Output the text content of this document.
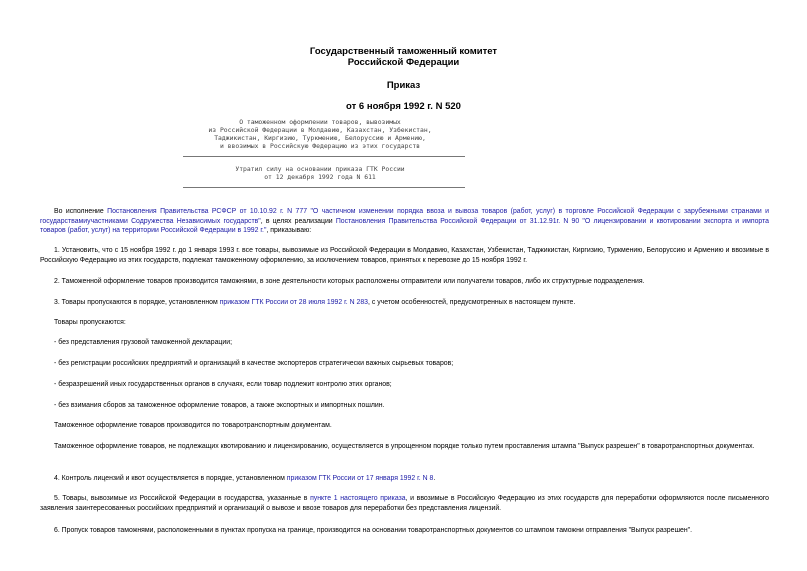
Государственный таможенный комитет
Российской Федерации
Приказ
от 6 ноября 1992 г. N 520
О таможенном оформлении товаров, вывозимых
из Российской Федерации в Молдавию, Казахстан, Узбекистан,
Таджикистан, Киргизию, Туркмению, Белоруссию и Армению,
и ввозимых в Российскую Федерацию из этих государств
Утратил силу на основании приказа ГТК России
от 12 декабря 1992 года N 611
Во исполнение Постановления Правительства РСФСР от 10.10.92 г. N 777 "О частичном изменении порядка ввоза и вывоза товаров (работ, услуг) в торговле Российской Федерации с зарубежными странами и государствамиучастниками Содружества Независимых государств", в целях реализации Постановления Правительства Российской Федерации от 31.12.91г. N 90 "О лицензировании и квотировании экспорта и импорта товаров (работ, услуг) на территории Российской Федерации в 1992 г.", приказываю:
1. Установить, что с 15 ноября 1992 г. до 1 января 1993 г. все товары, вывозимые из Российской Федерации в Молдавию, Казахстан, Узбекистан, Таджикистан, Киргизию, Туркмению, Белоруссию и Армению и ввозимые в Российскую Федерацию из этих государств, подлежат таможенному оформлению, за исключением товаров, принятых к перевозке до 15 ноября 1992 г.
2. Таможенной оформление товаров производится таможнями, в зоне деятельности которых расположены отправители или получатели товаров, либо их структурные подразделения.
3. Товары пропускаются в порядке, установленном приказом ГТК России от 28 июля 1992 г. N 283, с учетом особенностей, предусмотренных в настоящем пункте.
Товары пропускаются:
- без представления грузовой таможенной декларации;
- без регистрации российских предприятий и организаций в качестве экспортеров стратегически важных сырьевых товаров;
- безразрешений иных государственных органов в случаях, если товар подлежит контролю этих органов;
- без взимания сборов за таможенное оформление товаров, а также экспортных и импортных пошлин.
Таможенное оформление товаров производится по товаротранспортным документам.
Таможенное оформление товаров, не подлежащих квотированию и лицензированию, осуществляется в упрощенном порядке только путем проставления штампа "Выпуск разрешен" в товаротранспортных документах.
4. Контроль лицензий и квот осуществляется в порядке, установленном приказом ГТК России от 17 января 1992 г. N 8.
5. Товары, вывозимые из Российской Федерации в государства, указанные в пункте 1 настоящего приказа, и ввозимые в Российскую Федерацию из этих государств для переработки оформляются после письменного заявления заинтересованных российских предприятий и организаций о вывозе и ввозе товаров для переработки без представления лицензий.
6. Пропуск товаров таможнями, расположенными в пунктах пропуска на границе, производится на основании товаротранспортных документов со штампом таможни отправления "Выпуск разрешен".
